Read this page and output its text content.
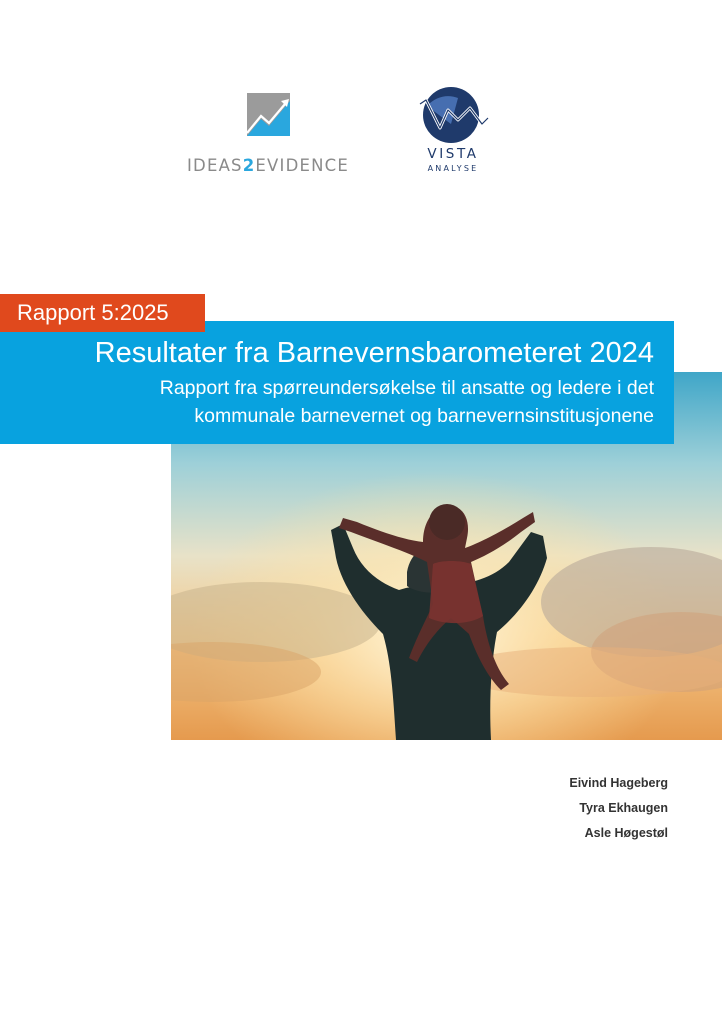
IDEAS2EVIDENCE
VISTA
ANALYSE
Resultater fra Barnevernsbarometeret 2024
Rapport fra spørreundersøkelse til ansatte og ledere i det
kommunale barnevernet og barnevernsinstitusjonene
Rapport 5:2025
Eivind Hageberg
Tyra Ekhaugen
Asle Høgestøl
